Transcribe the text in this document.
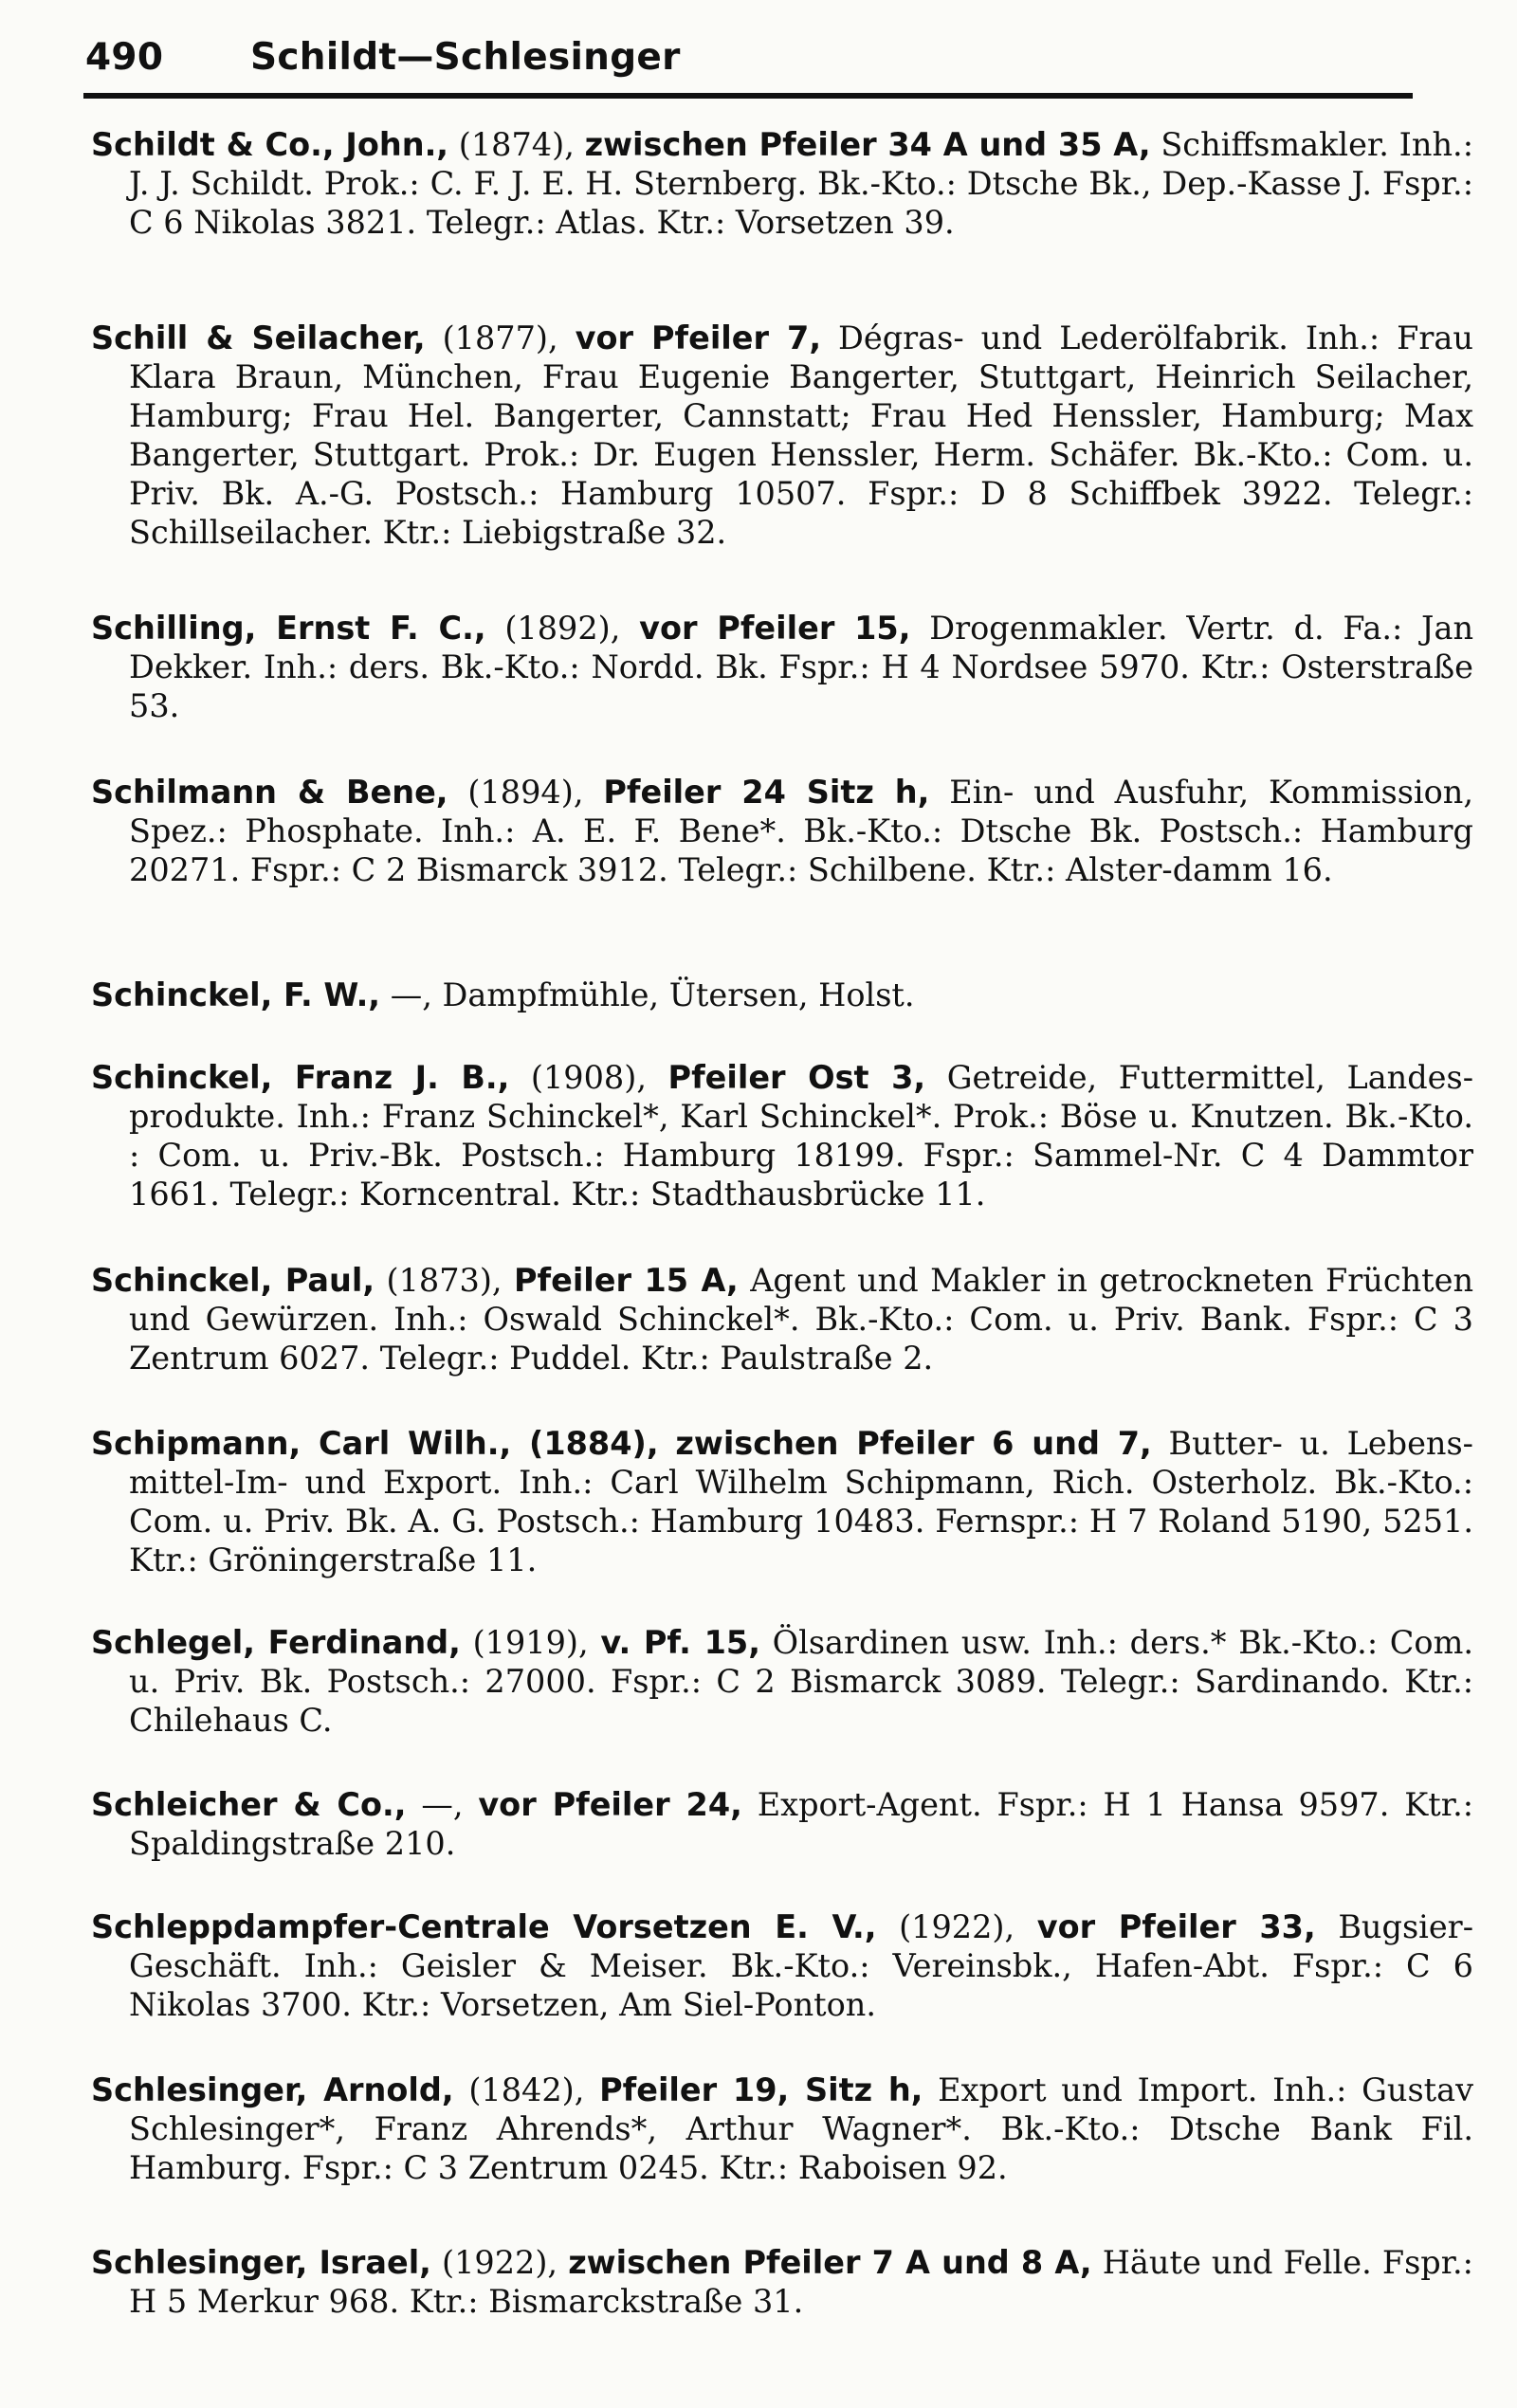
490	Schildt—Schlesinger

Schildt & Co., John., (1874), zwischen Pfeiler 34 A und 35 A, Schiffsmakler. Inh.: J. J. Schildt. Prok.: C. F. J. E. H. Sternberg. Bk.-Kto.: Dtsche Bk., Dep.-Kasse J. Fspr.: C 6 Nikolas 3821. Telegr.: Atlas. Ktr.: Vorsetzen 39.

Schill & Seilacher, (1877), vor Pfeiler 7, Dégras- und Lederölfabrik. Inh.: Frau Klara Braun, München, Frau Eugenie Bangerter, Stuttgart, Heinrich Seilacher, Hamburg; Frau Hel. Bangerter, Cannstatt; Frau Hed Henssler, Hamburg; Max Bangerter, Stuttgart. Prok.: Dr. Eugen Henssler, Herm. Schäfer. Bk.-Kto.: Com. u. Priv. Bk. A.-G. Postsch.: Hamburg 10507. Fspr.: D 8 Schiffbek 3922. Telegr.: Schillseilacher. Ktr.: Liebigstraße 32.

Schilling, Ernst F. C., (1892), vor Pfeiler 15, Drogenmakler. Vertr. d. Fa.: Jan Dekker. Inh.: ders. Bk.-Kto.: Nordd. Bk. Fspr.: H 4 Nordsee 5970. Ktr.: Osterstraße 53.

Schilmann & Bene, (1894), Pfeiler 24 Sitz h, Ein- und Ausfuhr, Kommission, Spez.: Phosphate. Inh.: A. E. F. Bene*. Bk.-Kto.: Dtsche Bk. Postsch.: Hamburg 20271. Fspr.: C 2 Bismarck 3912. Telegr.: Schilbene. Ktr.: Alster-damm 16.

Schinckel, F. W., —, Dampfmühle, Ütersen, Holst.

Schinckel, Franz J. B., (1908), Pfeiler Ost 3, Getreide, Futtermittel, Landes-produkte. Inh.: Franz Schinckel*, Karl Schinckel*. Prok.: Böse u. Knutzen. Bk.-Kto. : Com. u. Priv.-Bk. Postsch.: Hamburg 18199. Fspr.: Sammel-Nr. C 4 Dammtor 1661. Telegr.: Korncentral. Ktr.: Stadthausbrücke 11.

Schinckel, Paul, (1873), Pfeiler 15 A, Agent und Makler in getrockneten Früchten und Gewürzen. Inh.: Oswald Schinckel*. Bk.-Kto.: Com. u. Priv. Bank. Fspr.: C 3 Zentrum 6027. Telegr.: Puddel. Ktr.: Paulstraße 2.

Schipmann, Carl Wilh., (1884), zwischen Pfeiler 6 und 7, Butter- u. Lebens-mittel-Im- und Export. Inh.: Carl Wilhelm Schipmann, Rich. Osterholz. Bk.-Kto.: Com. u. Priv. Bk. A. G. Postsch.: Hamburg 10483. Fernspr.: H 7 Roland 5190, 5251. Ktr.: Gröningerstraße 11.

Schlegel, Ferdinand, (1919), v. Pf. 15, Ölsardinen usw. Inh.: ders.* Bk.-Kto.: Com. u. Priv. Bk. Postsch.: 27000. Fspr.: C 2 Bismarck 3089. Telegr.: Sardinando. Ktr.: Chilehaus C.

Schleicher & Co., —, vor Pfeiler 24, Export-Agent. Fspr.: H 1 Hansa 9597. Ktr.: Spaldingstraße 210.

Schleppdampfer-Centrale Vorsetzen E. V., (1922), vor Pfeiler 33, Bugsier-Geschäft. Inh.: Geisler & Meiser. Bk.-Kto.: Vereinsbk., Hafen-Abt. Fspr.: C 6 Nikolas 3700. Ktr.: Vorsetzen, Am Siel-Ponton.

Schlesinger, Arnold, (1842), Pfeiler 19, Sitz h, Export und Import. Inh.: Gustav Schlesinger*, Franz Ahrends*, Arthur Wagner*. Bk.-Kto.: Dtsche Bank Fil. Hamburg. Fspr.: C 3 Zentrum 0245. Ktr.: Raboisen 92.

Schlesinger, Israel, (1922), zwischen Pfeiler 7 A und 8 A, Häute und Felle. Fspr.: H 5 Merkur 968. Ktr.: Bismarckstraße 31.
